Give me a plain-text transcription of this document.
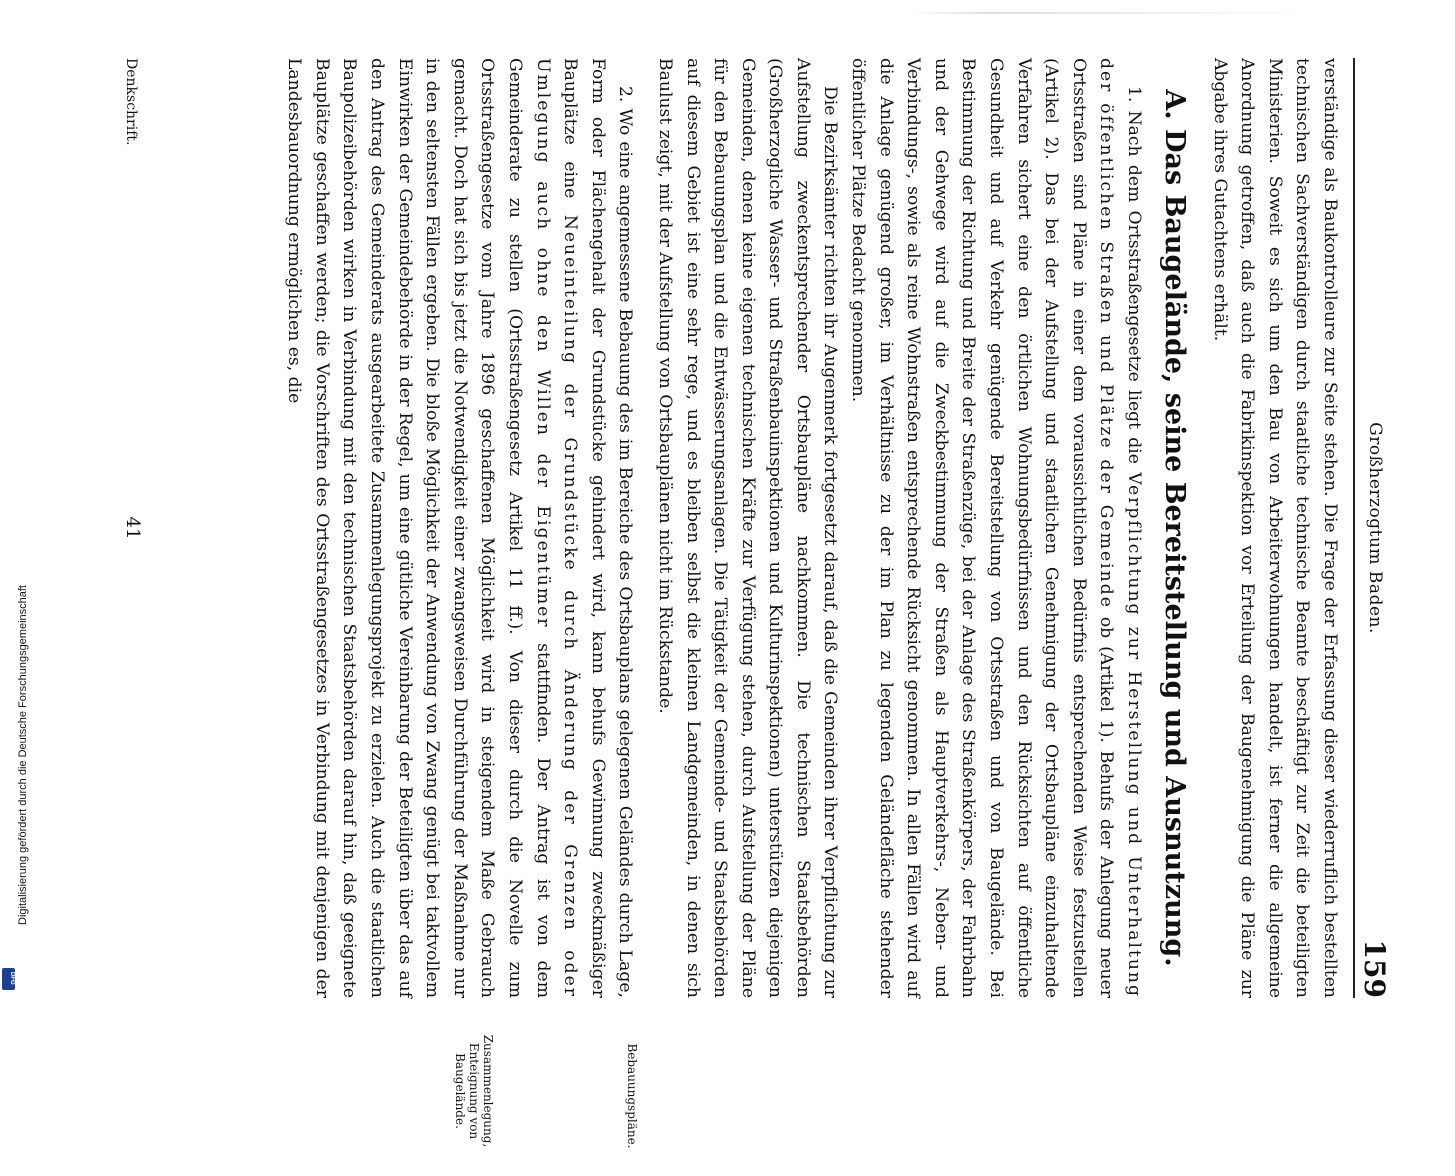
Großherzogtum Baden.
159
Bebauungspläne.
Zusammenlegung, Enteignung von Baugelände.

verständige als Baukontrolleure zur Seite stehen. Die Frage der Erfassung dieser wiederruflich bestellten technischen Sachverständigen durch staatliche technische Beamte beschäftigt zur Zeit die beteiligten Ministerien. Soweit es sich um den Bau von Arbeiterwohnungen handelt, ist ferner die allgemeine Anordnung getroffen, daß auch die Fabrikinspektion vor Erteilung der Baugenehmigung die Pläne zur Abgabe ihres Gutachtens erhält.

A. Das Baugelände, seine Bereitstellung und Ausnutzung.

1. Nach dem Ortsstraßengesetze liegt die Verpflichtung zur Herstellung und Unterhaltung der öffentlichen Straßen und Plätze der Gemeinde ob (Artikel 1). Behufs der Anlegung neuer Ortsstraßen sind Pläne in einer dem voraussichtlichen Bedürfnis entsprechenden Weise festzustellen (Artikel 2). Das bei der Aufstellung und staatlichen Genehmigung der Ortsbaupläne einzuhaltende Verfahren sichert eine den örtlichen Wohnungsbedürfnissen und den Rücksichten auf öffentliche Gesundheit und auf Verkehr genügende Bereitstellung von Ortsstraßen und von Baugelände. Bei Bestimmung der Richtung und Breite der Straßenzüge, bei der Anlage des Straßenkörpers, der Fahrbahn und der Gehwege wird auf die Zweckbestimmung der Straßen als Hauptverkehrs-, Neben- und Verbindungs-, sowie als reine Wohnstraßen entsprechende Rücksicht genommen. In allen Fällen wird auf die Anlage genügend großer, im Verhältnisse zu der im Plan zu legenden Geländefläche stehender öffentlicher Plätze Bedacht genommen.

Die Bezirksämter richten ihr Augenmerk fortgesetzt darauf, daß die Gemeinden ihrer Verpflichtung zur Aufstellung zweckentsprechender Ortsbaupläne nachkommen. Die technischen Staatsbehörden (Großherzogliche Wasser- und Straßenbauinspektionen und Kulturinspektionen) unterstützen diejenigen Gemeinden, denen keine eigenen technischen Kräfte zur Verfügung stehen, durch Aufstellung der Pläne für den Bebauungsplan und die Entwässerungsanlagen. Die Tätigkeit der Gemeinde- und Staatsbehörden auf diesem Gebiet ist eine sehr rege, und es bleiben selbst die kleinen Landgemeinden, in denen sich Baulust zeigt, mit der Aufstellung von Ortsbauplänen nicht im Rückstande.

2. Wo eine angemessene Bebauung des im Bereiche des Ortsbauplans gelegenen Geländes durch Lage, Form oder Flächengehalt der Grundstücke gehindert wird, kann behufs Gewinnung zweckmäßiger Bauplätze eine Neueinteilung der Grundstücke durch Änderung der Grenzen oder Umlegung auch ohne den Willen der Eigentümer stattfinden. Der Antrag ist von dem Gemeinderate zu stellen (Ortsstraßengesetz Artikel 11 ff.). Von dieser durch die Novelle zum Ortsstraßengesetze vom Jahre 1896 geschaffenen Möglichkeit wird in steigendem Maße Gebrauch gemacht. Doch hat sich bis jetzt die Notwendigkeit einer zwangsweisen Durchführung der Maßnahme nur in den seltensten Fällen ergeben. Die bloße Möglichkeit der Anwendung von Zwang genügt bei taktvollem Einwirken der Gemeindebehörde in der Regel, um eine gütliche Vereinbarung der Beteiligten über das auf den Antrag des Gemeinderats ausgearbeitete Zusammenlegungsprojekt zu erzielen. Auch die staatlichen Baupolizeibehörden wirken in Verbindung mit den technischen Staatsbehörden darauf hin, daß geeignete Bauplätze geschaffen werden; die Vorschriften des Ortsstraßengesetzes in Verbindung mit denjenigen der Landesbauordnung ermöglichen es, die

Denkschrift.
41
Digitalisierung gefördert durch die Deutsche Forschungsgemeinschaft
DFG
